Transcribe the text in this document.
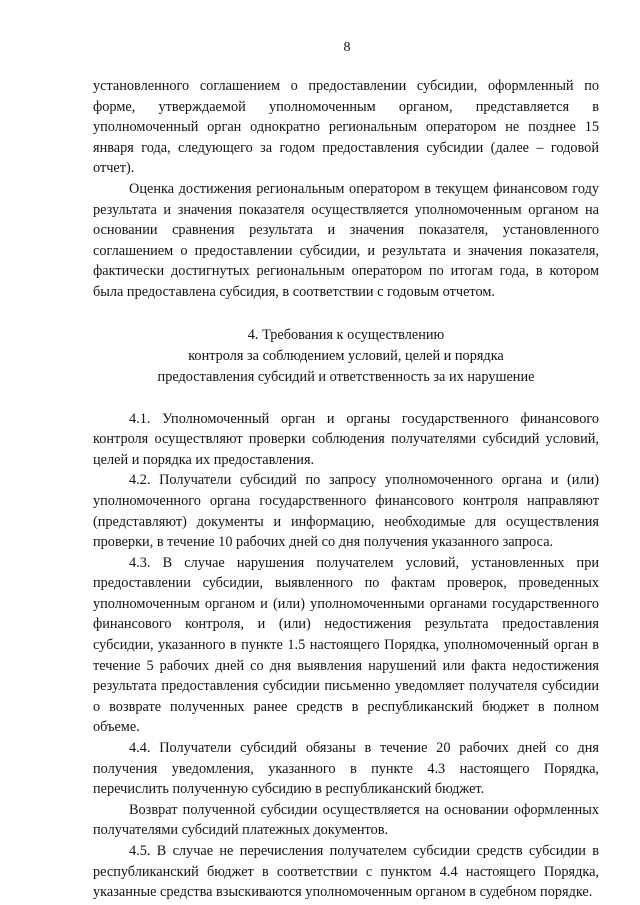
8

установленного соглашением о предоставлении субсидии, оформленный по форме, утверждаемой уполномоченным органом, представляется в уполномоченный орган однократно региональным оператором не позднее 15 января года, следующего за годом предоставления субсидии (далее – годовой отчет).

Оценка достижения региональным оператором в текущем финансовом году результата и значения показателя осуществляется уполномоченным органом на основании сравнения результата и значения показателя, установленного соглашением о предоставлении субсидии, и результата и значения показателя, фактически достигнутых региональным оператором по итогам года, в котором была предоставлена субсидия, в соответствии с годовым отчетом.

4. Требования к осуществлению
контроля за соблюдением условий, целей и порядка
предоставления субсидий и ответственность за их нарушение

4.1. Уполномоченный орган и органы государственного финансового контроля осуществляют проверки соблюдения получателями субсидий условий, целей и порядка их предоставления.

4.2. Получатели субсидий по запросу уполномоченного органа и (или) уполномоченного органа государственного финансового контроля направляют (представляют) документы и информацию, необходимые для осуществления проверки, в течение 10 рабочих дней со дня получения указанного запроса.

4.3. В случае нарушения получателем условий, установленных при предоставлении субсидии, выявленного по фактам проверок, проведенных уполномоченным органом и (или) уполномоченными органами государственного финансового контроля, и (или) недостижения результата предоставления субсидии, указанного в пункте 1.5 настоящего Порядка, уполномоченный орган в течение 5 рабочих дней со дня выявления нарушений или факта недостижения результата предоставления субсидии письменно уведомляет получателя субсидии о возврате полученных ранее средств в республиканский бюджет в полном объеме.

4.4. Получатели субсидий обязаны в течение 20 рабочих дней со дня получения уведомления, указанного в пункте 4.3 настоящего Порядка, перечислить полученную субсидию в республиканский бюджет.

Возврат полученной субсидии осуществляется на основании оформленных получателями субсидий платежных документов.

4.5. В случае не перечисления получателем субсидии средств субсидии в республиканский бюджет в соответствии с пунктом 4.4 настоящего Порядка, указанные средства взыскиваются уполномоченным органом в судебном порядке.
